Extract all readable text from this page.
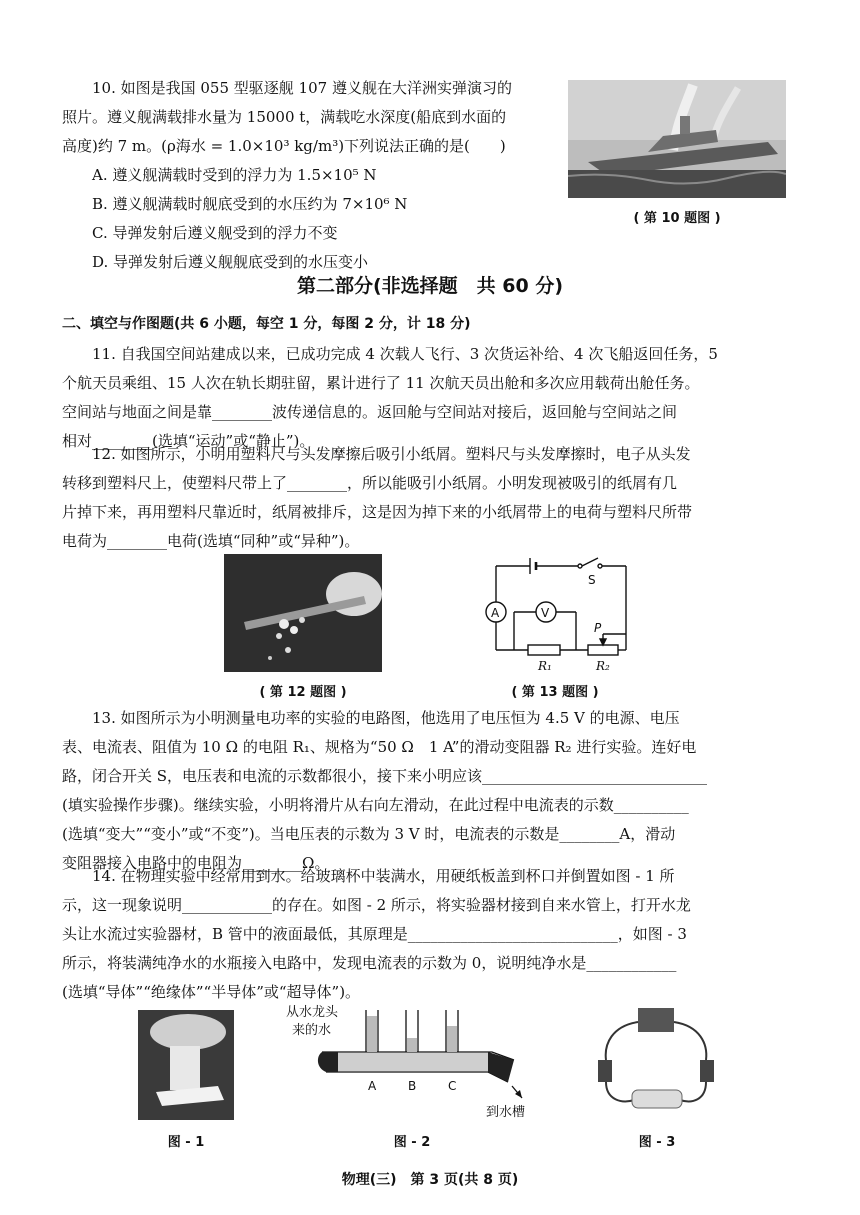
10. 如图是我国 055 型驱逐舰 107 遵义舰在大洋洲实弹演习的

照片。遵义舰满载排水量为 15000 t，满载吃水深度(船底到水面的

高度)约 7 m。(ρ海水 = 1.0×10³ kg/m³)下列说法正确的是(　　)

A. 遵义舰满载时受到的浮力为 1.5×10⁵ N

B. 遵义舰满载时舰底受到的水压约为 7×10⁶ N

C. 导弹发射后遵义舰受到的浮力不变

D. 导弹发射后遵义舰舰底受到的水压变小

( 第 10 题图 )
第二部分(非选择题　共 60 分)
二、填空与作图题(共 6 小题，每空 1 分，每图 2 分，计 18 分)

11. 自我国空间站建成以来，已成功完成 4 次载人飞行、3 次货运补给、4 次飞船返回任务，5

个航天员乘组、15 人次在轨长期驻留，累计进行了 11 次航天员出舱和多次应用载荷出舱任务。

空间站与地面之间是靠________波传递信息的。返回舱与空间站对接后，返回舱与空间站之间

相对________(选填“运动”或“静止”)。

12. 如图所示，小明用塑料尺与头发摩擦后吸引小纸屑。塑料尺与头发摩擦时，电子从头发

转移到塑料尺上，使塑料尺带上了________，所以能吸引小纸屑。小明发现被吸引的纸屑有几

片掉下来，再用塑料尺靠近时，纸屑被排斥，这是因为掉下来的小纸屑带上的电荷与塑料尺所带

电荷为________电荷(选填“同种”或“异种”)。

( 第 12 题图 )
S
A	V
P
R₁	R₂
( 第 13 题图 )

13. 如图所示为小明测量电功率的实验的电路图，他选用了电压恒为 4.5 V 的电源、电压

表、电流表、阻值为 10 Ω 的电阻 R₁、规格为“50 Ω　1 A”的滑动变阻器 R₂ 进行实验。连好电

路，闭合开关 S，电压表和电流的示数都很小，接下来小明应该______________________________

(填实验操作步骤)。继续实验，小明将滑片从右向左滑动，在此过程中电流表的示数__________

(选填“变大”“变小”或“不变”)。当电压表的示数为 3 V 时，电流表的示数是________A，滑动

变阻器接入电路中的电阻为________Ω。

14. 在物理实验中经常用到水。给玻璃杯中装满水，用硬纸板盖到杯口并倒置如图 - 1 所

示，这一现象说明____________的存在。如图 - 2 所示，将实验器材接到自来水管上，打开水龙

头让水流过实验器材，B 管中的液面最低，其原理是____________________________，如图 - 3

所示，将装满纯净水的水瓶接入电路中，发现电流表的示数为 0，说明纯净水是____________

(选填“导体”“绝缘体”“半导体”或“超导体”)。

图 - 1
从水龙头
来的水
A	B	C
到水槽
图 - 2	图 - 3
物理(三)　第 3 页(共 8 页)
